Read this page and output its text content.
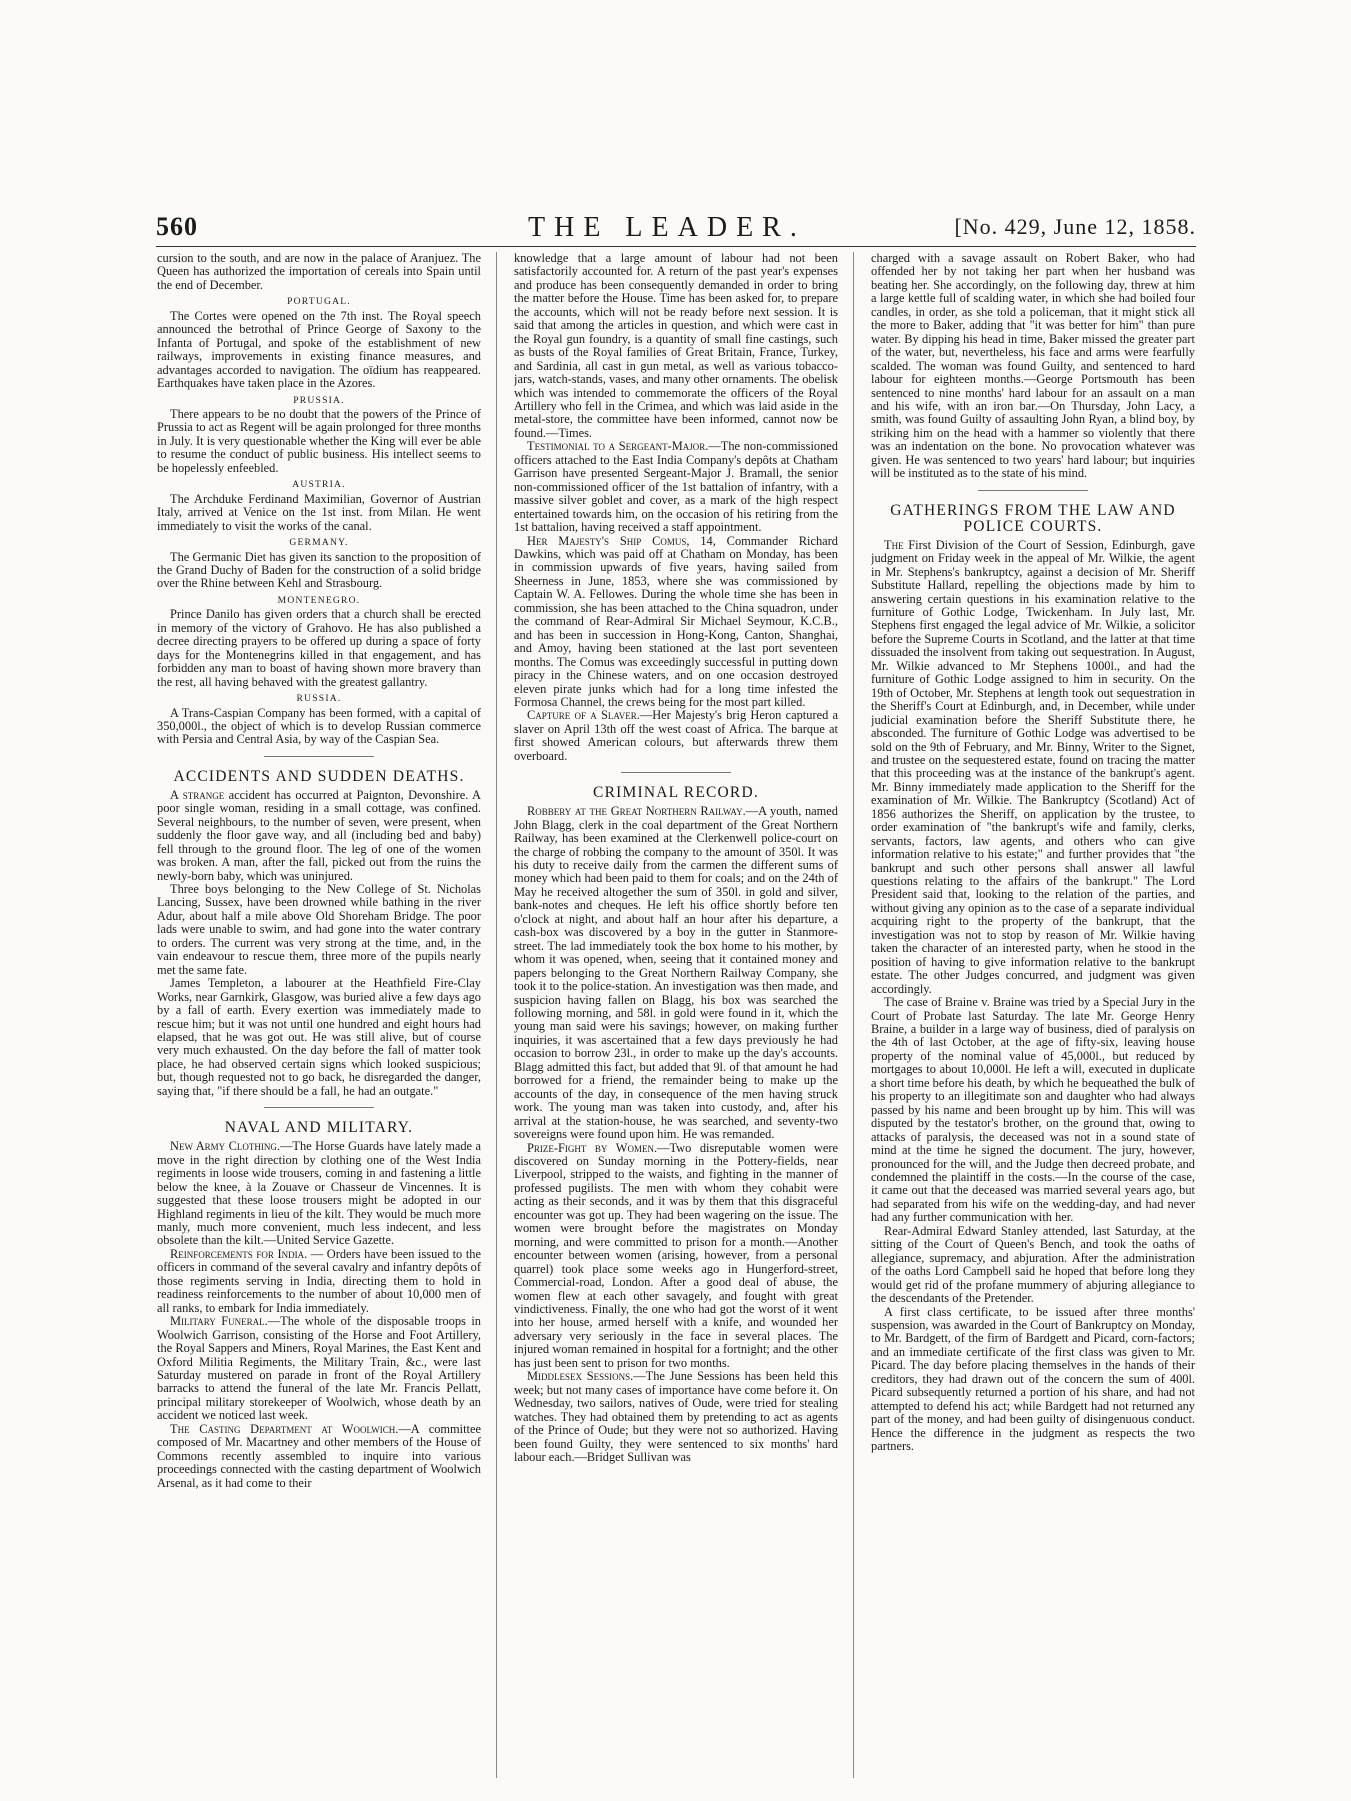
560	THE LEADER.	[No. 429, June 12, 1858.

cursion to the south, and are now in the palace of Aranjuez. The Queen has authorized the importation of cereals into Spain until the end of December.

PORTUGAL.

The Cortes were opened on the 7th inst. The Royal speech announced the betrothal of Prince George of Saxony to the Infanta of Portugal, and spoke of the establishment of new railways, improvements in existing finance measures, and advantages accorded to navigation. The oïdium has reappeared. Earthquakes have taken place in the Azores.

PRUSSIA.

There appears to be no doubt that the powers of the Prince of Prussia to act as Regent will be again prolonged for three months in July. It is very questionable whether the King will ever be able to resume the conduct of public business. His intellect seems to be hopelessly enfeebled.

AUSTRIA.

The Archduke Ferdinand Maximilian, Governor of Austrian Italy, arrived at Venice on the 1st inst. from Milan. He went immediately to visit the works of the canal.

GERMANY.

The Germanic Diet has given its sanction to the proposition of the Grand Duchy of Baden for the construction of a solid bridge over the Rhine between Kehl and Strasbourg.

MONTENEGRO.

Prince Danilo has given orders that a church shall be erected in memory of the victory of Grahovo. He has also published a decree directing prayers to be offered up during a space of forty days for the Montenegrins killed in that engagement, and has forbidden any man to boast of having shown more bravery than the rest, all having behaved with the greatest gallantry.

RUSSIA.

A Trans-Caspian Company has been formed, with a capital of 350,000l., the object of which is to develop Russian commerce with Persia and Central Asia, by way of the Caspian Sea.

ACCIDENTS AND SUDDEN DEATHS.

A strange accident has occurred at Paignton, Devonshire. A poor single woman, residing in a small cottage, was confined. Several neighbours, to the number of seven, were present, when suddenly the floor gave way, and all (including bed and baby) fell through to the ground floor. The leg of one of the women was broken. A man, after the fall, picked out from the ruins the newly-born baby, which was uninjured.

Three boys belonging to the New College of St. Nicholas Lancing, Sussex, have been drowned while bathing in the river Adur, about half a mile above Old Shoreham Bridge. The poor lads were unable to swim, and had gone into the water contrary to orders. The current was very strong at the time, and, in the vain endeavour to rescue them, three more of the pupils nearly met the same fate.

James Templeton, a labourer at the Heathfield Fire-Clay Works, near Garnkirk, Glasgow, was buried alive a few days ago by a fall of earth. Every exertion was immediately made to rescue him; but it was not until one hundred and eight hours had elapsed, that he was got out. He was still alive, but of course very much exhausted. On the day before the fall of matter took place, he had observed certain signs which looked suspicious; but, though requested not to go back, he disregarded the danger, saying that, "if there should be a fall, he had an outgate."

NAVAL AND MILITARY.

New Army Clothing.—The Horse Guards have lately made a move in the right direction by clothing one of the West India regiments in loose wide trousers, coming in and fastening a little below the knee, à la Zouave or Chasseur de Vincennes. It is suggested that these loose trousers might be adopted in our Highland regiments in lieu of the kilt. They would be much more manly, much more convenient, much less indecent, and less obsolete than the kilt.—United Service Gazette.

Reinforcements for India. — Orders have been issued to the officers in command of the several cavalry and infantry depôts of those regiments serving in India, directing them to hold in readiness reinforcements to the number of about 10,000 men of all ranks, to embark for India immediately.

Military Funeral.—The whole of the disposable troops in Woolwich Garrison, consisting of the Horse and Foot Artillery, the Royal Sappers and Miners, Royal Marines, the East Kent and Oxford Militia Regiments, the Military Train, &c., were last Saturday mustered on parade in front of the Royal Artillery barracks to attend the funeral of the late Mr. Francis Pellatt, principal military storekeeper of Woolwich, whose death by an accident we noticed last week.

The Casting Department at Woolwich.—A committee composed of Mr. Macartney and other members of the House of Commons recently assembled to inquire into various proceedings connected with the casting department of Woolwich Arsenal, as it had come to their

knowledge that a large amount of labour had not been satisfactorily accounted for. A return of the past year's expenses and produce has been consequently demanded in order to bring the matter before the House. Time has been asked for, to prepare the accounts, which will not be ready before next session. It is said that among the articles in question, and which were cast in the Royal gun foundry, is a quantity of small fine castings, such as busts of the Royal families of Great Britain, France, Turkey, and Sardinia, all cast in gun metal, as well as various tobacco-jars, watch-stands, vases, and many other ornaments. The obelisk which was intended to commemorate the officers of the Royal Artillery who fell in the Crimea, and which was laid aside in the metal-store, the committee have been informed, cannot now be found.—Times.

Testimonial to a Sergeant-Major.—The non-commissioned officers attached to the East India Company's depôts at Chatham Garrison have presented Sergeant-Major J. Bramall, the senior non-commissioned officer of the 1st battalion of infantry, with a massive silver goblet and cover, as a mark of the high respect entertained towards him, on the occasion of his retiring from the 1st battalion, having received a staff appointment.

Her Majesty's Ship Comus, 14, Commander Richard Dawkins, which was paid off at Chatham on Monday, has been in commission upwards of five years, having sailed from Sheerness in June, 1853, where she was commissioned by Captain W. A. Fellowes. During the whole time she has been in commission, she has been attached to the China squadron, under the command of Rear-Admiral Sir Michael Seymour, K.C.B., and has been in succession in Hong-Kong, Canton, Shanghai, and Amoy, having been stationed at the last port seventeen months. The Comus was exceedingly successful in putting down piracy in the Chinese waters, and on one occasion destroyed eleven pirate junks which had for a long time infested the Formosa Channel, the crews being for the most part killed.

Capture of a Slaver.—Her Majesty's brig Heron captured a slaver on April 13th off the west coast of Africa. The barque at first showed American colours, but afterwards threw them overboard.

CRIMINAL RECORD.

Robbery at the Great Northern Railway.—A youth, named John Blagg, clerk in the coal department of the Great Northern Railway, has been examined at the Clerkenwell police-court on the charge of robbing the company to the amount of 350l. It was his duty to receive daily from the carmen the different sums of money which had been paid to them for coals; and on the 24th of May he received altogether the sum of 350l. in gold and silver, bank-notes and cheques. He left his office shortly before ten o'clock at night, and about half an hour after his departure, a cash-box was discovered by a boy in the gutter in Stanmore-street. The lad immediately took the box home to his mother, by whom it was opened, when, seeing that it contained money and papers belonging to the Great Northern Railway Company, she took it to the police-station. An investigation was then made, and suspicion having fallen on Blagg, his box was searched the following morning, and 58l. in gold were found in it, which the young man said were his savings; however, on making further inquiries, it was ascertained that a few days previously he had occasion to borrow 23l., in order to make up the day's accounts. Blagg admitted this fact, but added that 9l. of that amount he had borrowed for a friend, the remainder being to make up the accounts of the day, in consequence of the men having struck work. The young man was taken into custody, and, after his arrival at the station-house, he was searched, and seventy-two sovereigns were found upon him. He was remanded.

Prize-Fight by Women.—Two disreputable women were discovered on Sunday morning in the Pottery-fields, near Liverpool, stripped to the waists, and fighting in the manner of professed pugilists. The men with whom they cohabit were acting as their seconds, and it was by them that this disgraceful encounter was got up. They had been wagering on the issue. The women were brought before the magistrates on Monday morning, and were committed to prison for a month.—Another encounter between women (arising, however, from a personal quarrel) took place some weeks ago in Hungerford-street, Commercial-road, London. After a good deal of abuse, the women flew at each other savagely, and fought with great vindictiveness. Finally, the one who had got the worst of it went into her house, armed herself with a knife, and wounded her adversary very seriously in the face in several places. The injured woman remained in hospital for a fortnight; and the other has just been sent to prison for two months.

Middlesex Sessions.—The June Sessions has been held this week; but not many cases of importance have come before it. On Wednesday, two sailors, natives of Oude, were tried for stealing watches. They had obtained them by pretending to act as agents of the Prince of Oude; but they were not so authorized. Having been found Guilty, they were sentenced to six months' hard labour each.—Bridget Sullivan was

charged with a savage assault on Robert Baker, who had offended her by not taking her part when her husband was beating her. She accordingly, on the following day, threw at him a large kettle full of scalding water, in which she had boiled four candles, in order, as she told a policeman, that it might stick all the more to Baker, adding that "it was better for him" than pure water. By dipping his head in time, Baker missed the greater part of the water, but, nevertheless, his face and arms were fearfully scalded. The woman was found Guilty, and sentenced to hard labour for eighteen months.—George Portsmouth has been sentenced to nine months' hard labour for an assault on a man and his wife, with an iron bar.—On Thursday, John Lacy, a smith, was found Guilty of assaulting John Ryan, a blind boy, by striking him on the head with a hammer so violently that there was an indentation on the bone. No provocation whatever was given. He was sentenced to two years' hard labour; but inquiries will be instituted as to the state of his mind.

GATHERINGS FROM THE LAW AND POLICE COURTS.

The First Division of the Court of Session, Edinburgh, gave judgment on Friday week in the appeal of Mr. Wilkie, the agent in Mr. Stephens's bankruptcy, against a decision of Mr. Sheriff Substitute Hallard, repelling the objections made by him to answering certain questions in his examination relative to the furniture of Gothic Lodge, Twickenham. In July last, Mr. Stephens first engaged the legal advice of Mr. Wilkie, a solicitor before the Supreme Courts in Scotland, and the latter at that time dissuaded the insolvent from taking out sequestration. In August, Mr. Wilkie advanced to Mr Stephens 1000l., and had the furniture of Gothic Lodge assigned to him in security. On the 19th of October, Mr. Stephens at length took out sequestration in the Sheriff's Court at Edinburgh, and, in December, while under judicial examination before the Sheriff Substitute there, he absconded. The furniture of Gothic Lodge was advertised to be sold on the 9th of February, and Mr. Binny, Writer to the Signet, and trustee on the sequestered estate, found on tracing the matter that this proceeding was at the instance of the bankrupt's agent. Mr. Binny immediately made application to the Sheriff for the examination of Mr. Wilkie. The Bankruptcy (Scotland) Act of 1856 authorizes the Sheriff, on application by the trustee, to order examination of "the bankrupt's wife and family, clerks, servants, factors, law agents, and others who can give information relative to his estate;" and further provides that "the bankrupt and such other persons shall answer all lawful questions relating to the affairs of the bankrupt." The Lord President said that, looking to the relation of the parties, and without giving any opinion as to the case of a separate individual acquiring right to the property of the bankrupt, that the investigation was not to stop by reason of Mr. Wilkie having taken the character of an interested party, when he stood in the position of having to give information relative to the bankrupt estate. The other Judges concurred, and judgment was given accordingly.

The case of Braine v. Braine was tried by a Special Jury in the Court of Probate last Saturday. The late Mr. George Henry Braine, a builder in a large way of business, died of paralysis on the 4th of last October, at the age of fifty-six, leaving house property of the nominal value of 45,000l., but reduced by mortgages to about 10,000l. He left a will, executed in duplicate a short time before his death, by which he bequeathed the bulk of his property to an illegitimate son and daughter who had always passed by his name and been brought up by him. This will was disputed by the testator's brother, on the ground that, owing to attacks of paralysis, the deceased was not in a sound state of mind at the time he signed the document. The jury, however, pronounced for the will, and the Judge then decreed probate, and condemned the plaintiff in the costs.—In the course of the case, it came out that the deceased was married several years ago, but had separated from his wife on the wedding-day, and had never had any further communication with her.

Rear-Admiral Edward Stanley attended, last Saturday, at the sitting of the Court of Queen's Bench, and took the oaths of allegiance, supremacy, and abjuration. After the administration of the oaths Lord Campbell said he hoped that before long they would get rid of the profane mummery of abjuring allegiance to the descendants of the Pretender.

A first class certificate, to be issued after three months' suspension, was awarded in the Court of Bankruptcy on Monday, to Mr. Bardgett, of the firm of Bardgett and Picard, corn-factors; and an immediate certificate of the first class was given to Mr. Picard. The day before placing themselves in the hands of their creditors, they had drawn out of the concern the sum of 400l. Picard subsequently returned a portion of his share, and had not attempted to defend his act; while Bardgett had not returned any part of the money, and had been guilty of disingenuous conduct. Hence the difference in the judgment as respects the two partners.
